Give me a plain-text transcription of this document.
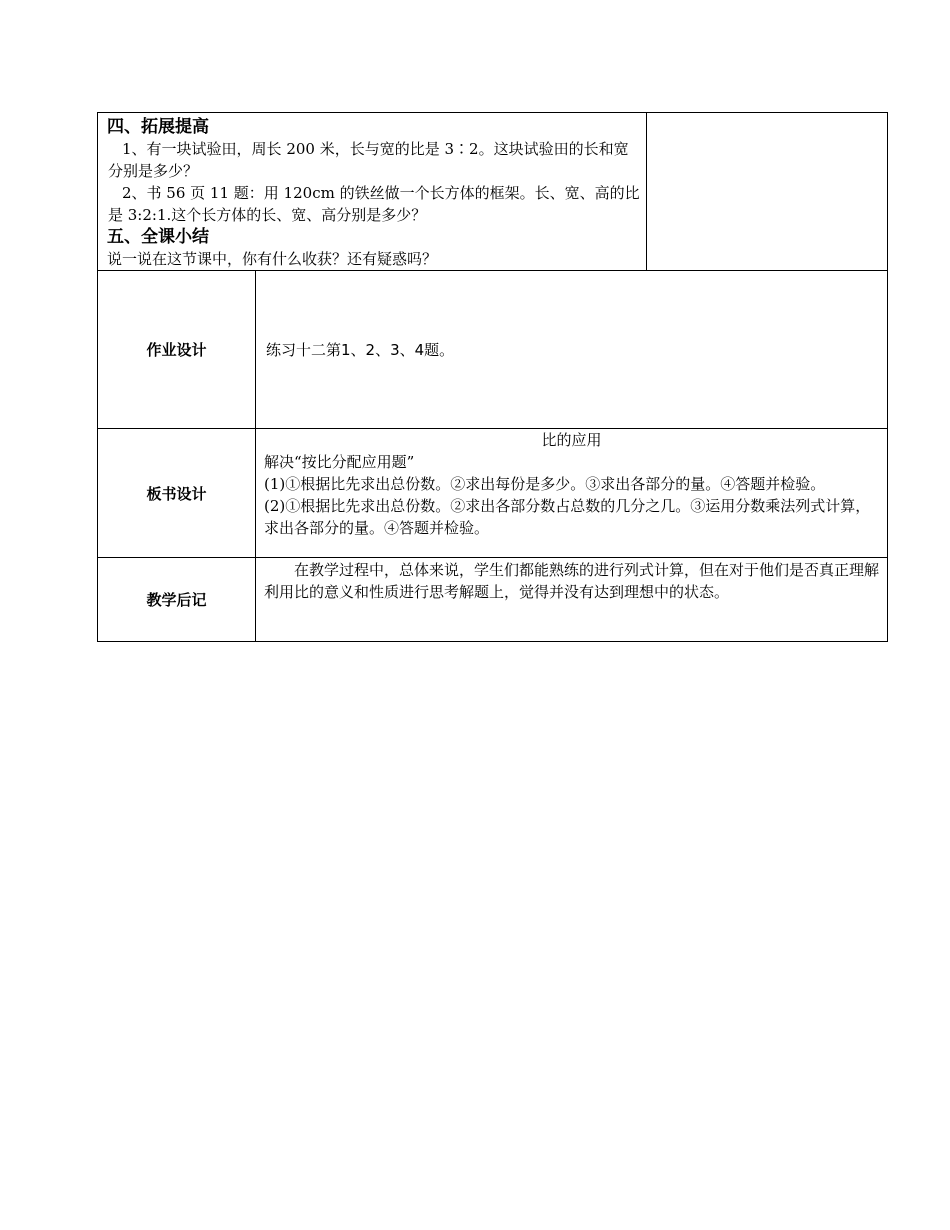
四、拓展提高

1、有一块试验田，周长 200 米，长与宽的比是 3∶2。这块试验田的长和宽分别是多少？

2、书 56 页 11 题：用 120cm 的铁丝做一个长方体的框架。长、宽、高的比是 3:2:1.这个长方体的长、宽、高分别是多少？

五、全课小结

说一说在这节课中，你有什么收获？还有疑惑吗？		

作业设计	练习十二第1、2、3、4题。	

板书设计	比的应用

解决“按比分配应用题”

(1)①根据比先求出总份数。②求出每份是多少。③求出各部分的量。④答题并检验。

(2)①根据比先求出总份数。②求出各部分数占总数的几分之几。③运用分数乘法列式计算，求出各部分的量。④答题并检验。	

教学后记	在教学过程中，总体来说，学生们都能熟练的进行列式计算，但在对于他们是否真正理解利用比的意义和性质进行思考解题上，觉得并没有达到理想中的状态。	
